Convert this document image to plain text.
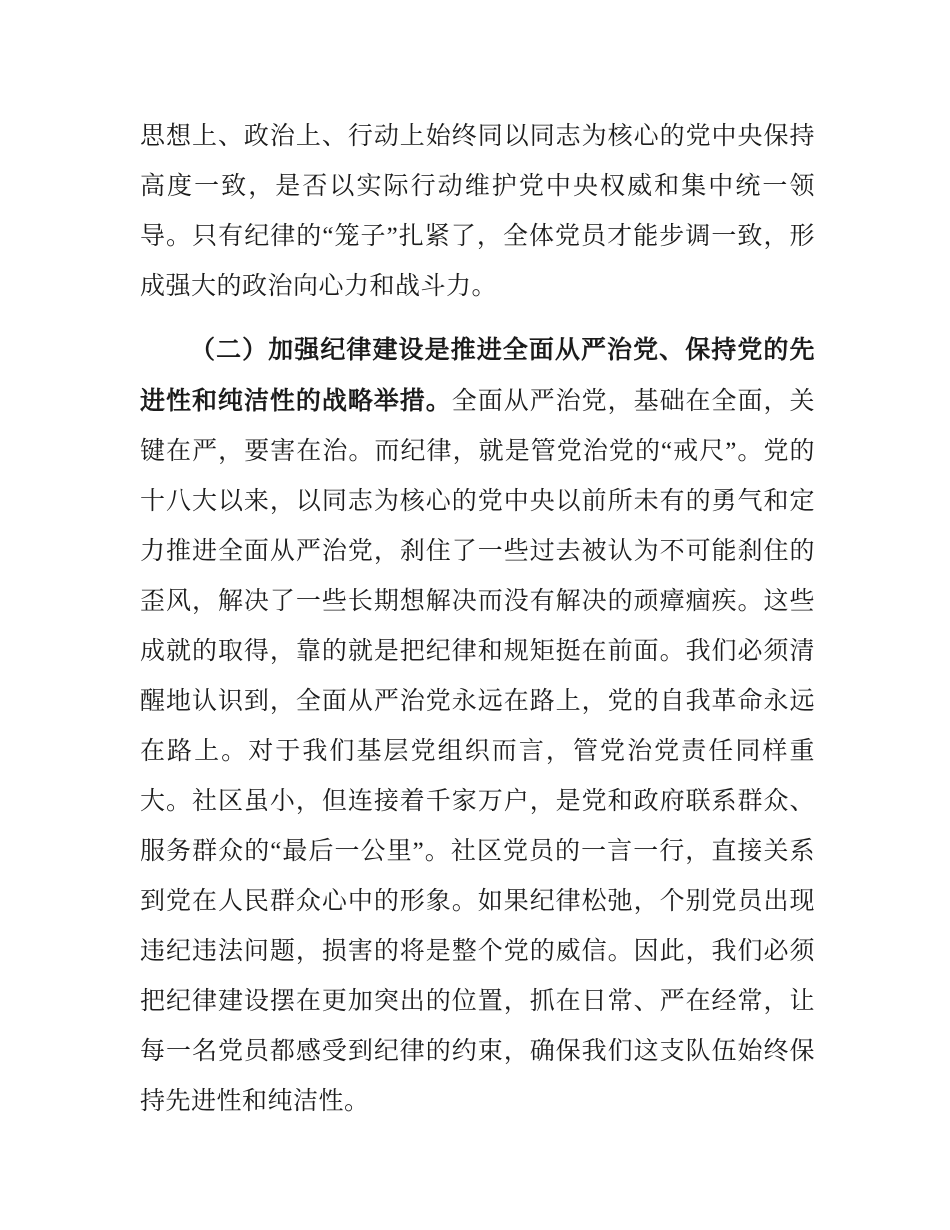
思想上、政治上、行动上始终同以同志为核心的党中央保持高度一致，是否以实际行动维护党中央权威和集中统一领导。只有纪律的“笼子”扎紧了，全体党员才能步调一致，形成强大的政治向心力和战斗力。

（二）加强纪律建设是推进全面从严治党、保持党的先进性和纯洁性的战略举措。全面从严治党，基础在全面，关键在严，要害在治。而纪律，就是管党治党的“戒尺”。党的十八大以来，以同志为核心的党中央以前所未有的勇气和定力推进全面从严治党，刹住了一些过去被认为不可能刹住的歪风，解决了一些长期想解决而没有解决的顽瘴痼疾。这些成就的取得，靠的就是把纪律和规矩挺在前面。我们必须清醒地认识到，全面从严治党永远在路上，党的自我革命永远在路上。对于我们基层党组织而言，管党治党责任同样重大。社区虽小，但连接着千家万户，是党和政府联系群众、服务群众的“最后一公里”。社区党员的一言一行，直接关系到党在人民群众心中的形象。如果纪律松弛，个别党员出现违纪违法问题，损害的将是整个党的威信。因此，我们必须把纪律建设摆在更加突出的位置，抓在日常、严在经常，让每一名党员都感受到纪律的约束，确保我们这支队伍始终保持先进性和纯洁性。
